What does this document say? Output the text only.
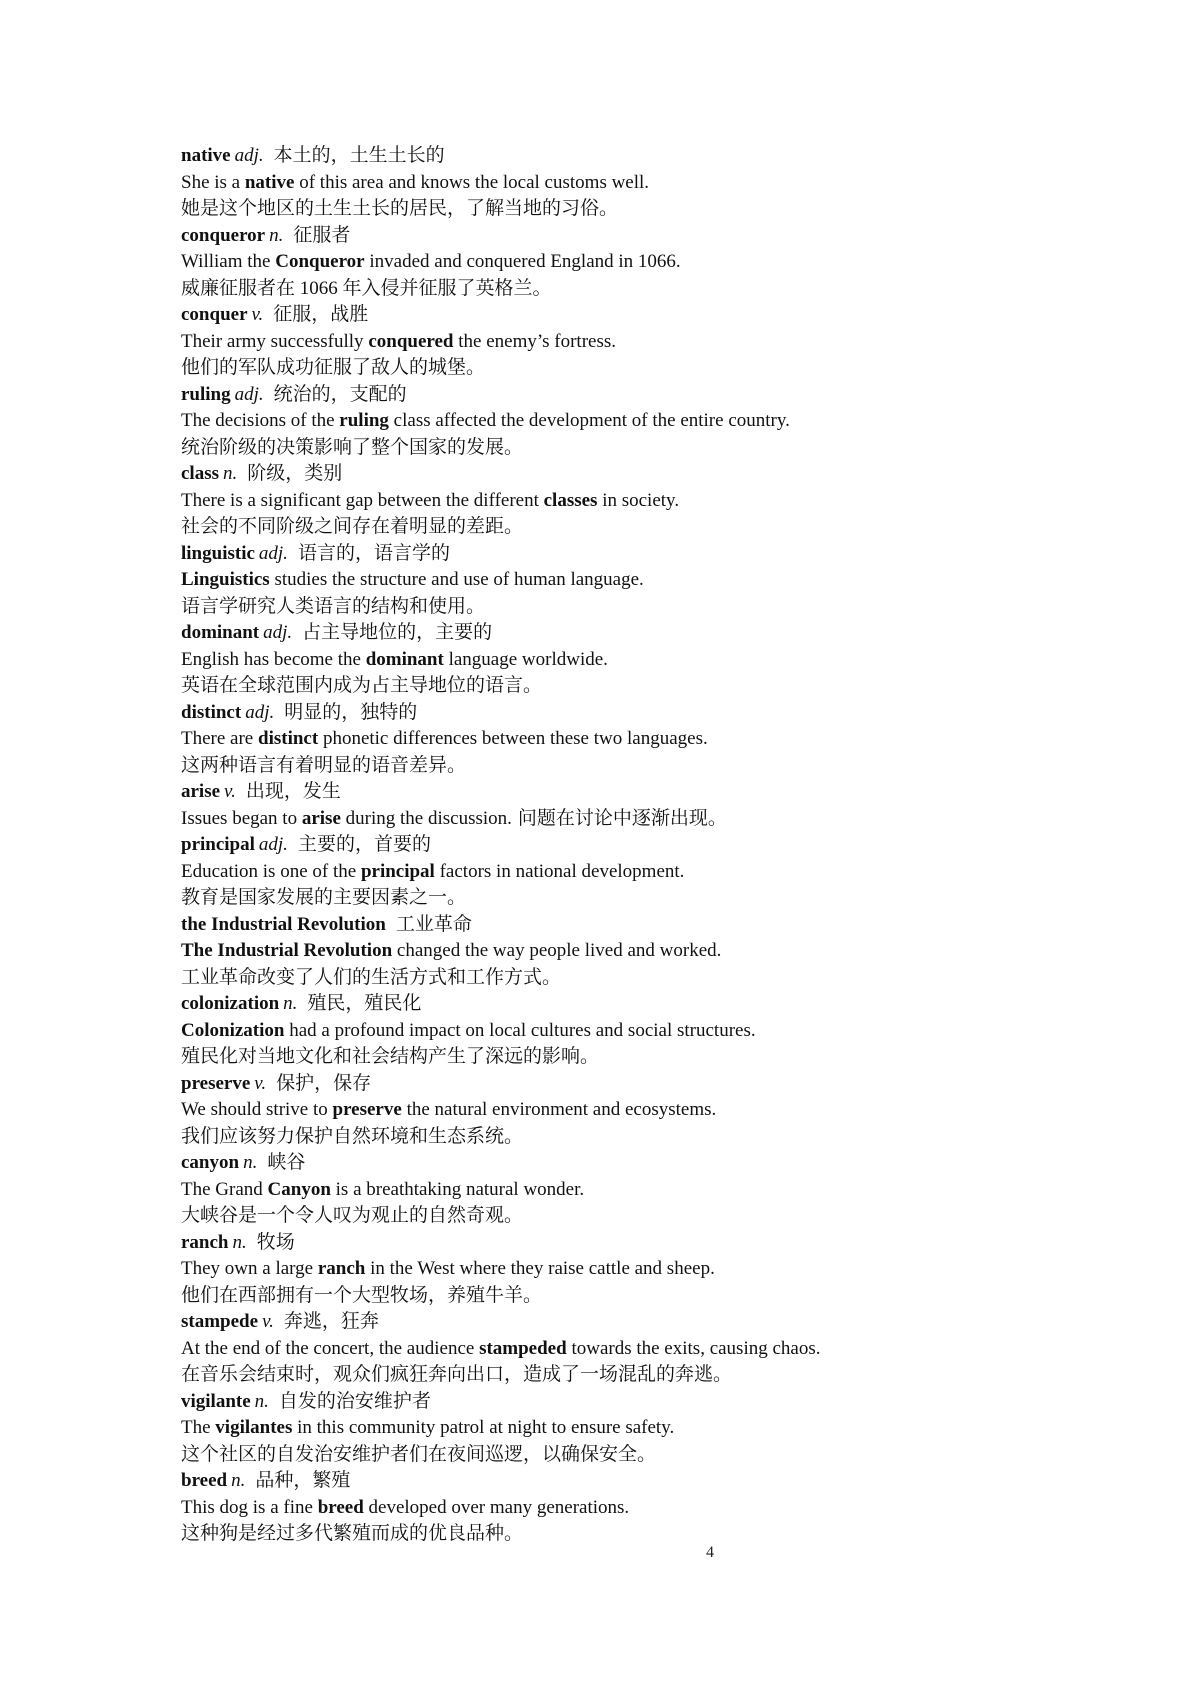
native adj. 本土的，土生土长的
She is a native of this area and knows the local customs well.
她是这个地区的土生土长的居民，了解当地的习俗。
conqueror n. 征服者
William the Conqueror invaded and conquered England in 1066.
威廉征服者在 1066 年入侵并征服了英格兰。
conquer v. 征服，战胜
Their army successfully conquered the enemy’s fortress.
他们的军队成功征服了敌人的城堡。
ruling adj. 统治的，支配的
The decisions of the ruling class affected the development of the entire country.
统治阶级的决策影响了整个国家的发展。
class n. 阶级，类别
There is a significant gap between the different classes in society.
社会的不同阶级之间存在着明显的差距。
linguistic adj. 语言的，语言学的
Linguistics studies the structure and use of human language.
语言学研究人类语言的结构和使用。
dominant adj. 占主导地位的，主要的
English has become the dominant language worldwide.
英语在全球范围内成为占主导地位的语言。
distinct adj. 明显的，独特的
There are distinct phonetic differences between these two languages.
这两种语言有着明显的语音差异。
arise v. 出现，发生
Issues began to arise during the discussion. 问题在讨论中逐渐出现。
principal adj. 主要的，首要的
Education is one of the principal factors in national development.
教育是国家发展的主要因素之一。
the Industrial Revolution 工业革命
The Industrial Revolution changed the way people lived and worked.
工业革命改变了人们的生活方式和工作方式。
colonization n. 殖民，殖民化
Colonization had a profound impact on local cultures and social structures.
殖民化对当地文化和社会结构产生了深远的影响。
preserve v. 保护，保存
We should strive to preserve the natural environment and ecosystems.
我们应该努力保护自然环境和生态系统。
canyon n. 峡谷
The Grand Canyon is a breathtaking natural wonder.
大峡谷是一个令人叹为观止的自然奇观。
ranch n. 牧场
They own a large ranch in the West where they raise cattle and sheep.
他们在西部拥有一个大型牧场，养殖牛羊。
stampede v. 奔逃，狂奔
At the end of the concert, the audience stampeded towards the exits, causing chaos.
在音乐会结束时，观众们疯狂奔向出口，造成了一场混乱的奔逃。
vigilante n. 自发的治安维护者
The vigilantes in this community patrol at night to ensure safety.
这个社区的自发治安维护者们在夜间巡逻，以确保安全。
breed n. 品种，繁殖
This dog is a fine breed developed over many generations.
这种狗是经过多代繁殖而成的优良品种。
4
